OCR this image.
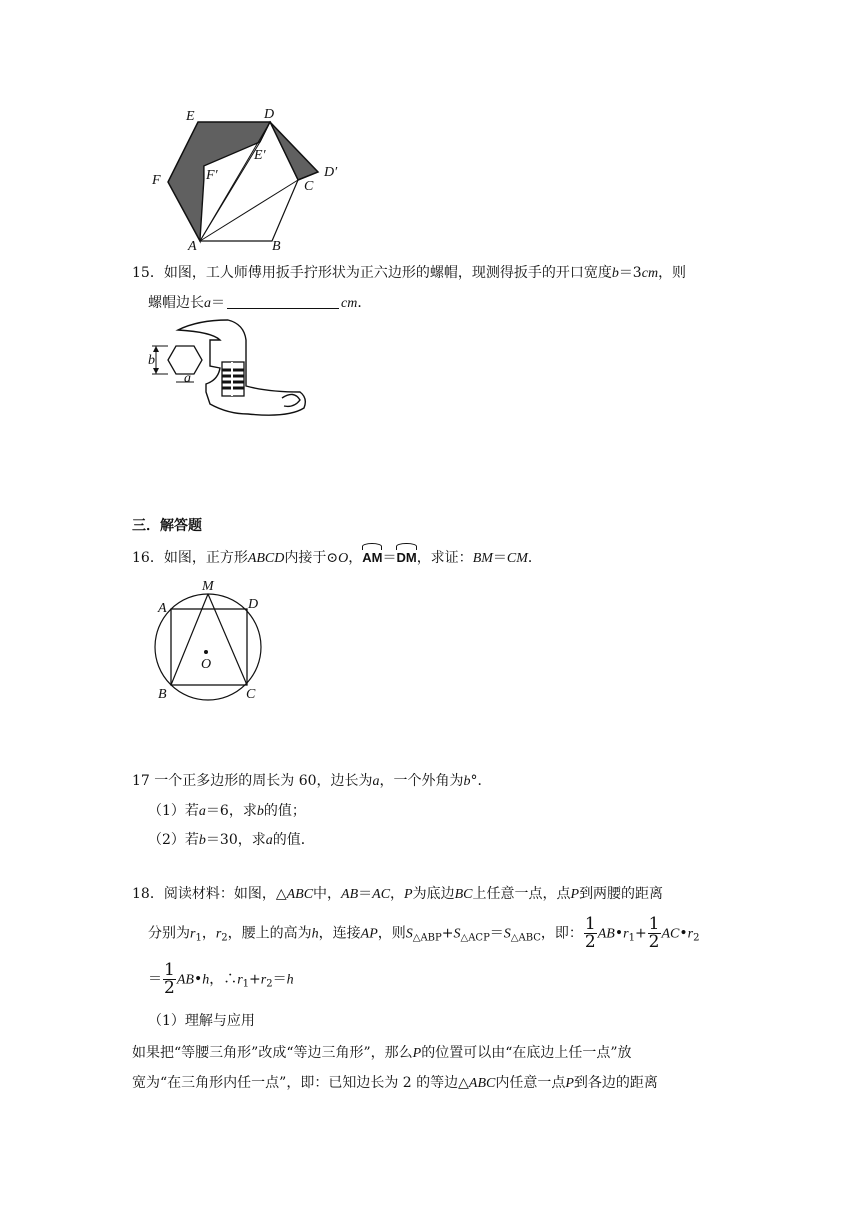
E	D
E′
F	F′
C
D′
A	B
15．如图，工人师傅用扳手拧形状为正六边形的螺帽，现测得扳手的开口宽度b＝3cm，则
螺帽边长a＝	cm．
b
a
三．解答题
16．如图，正方形ABCD内接于⊙O，AM＝DM，求证：BM＝CM．
M
A	D
O
B	C
17 一个正多边形的周长为 60，边长为a，一个外角为b°．
（1）若a＝6，求b的值；
（2）若b＝30，求a的值．
18．阅读材料：如图，△ABC中，AB＝AC，P为底边BC上任意一点，点P到两腰的距离
分别为$r_1$，$r_2$，腰上的高为h，连接AP，则$S_{\triangle ABP}+S_{\triangle ACP}=S_{\triangle ABC}$，即： $\frac{1}{2}$ $AB•r_1+ \frac{1}{2}$ $AC•r_2$
＝ $\frac{1}{2}$ AB•h，$\therefore r_1+r_2=h$
（1）理解与应用
如果把“等腰三角形”改成“等边三角形”，那么P的位置可以由“在底边上任一点”放
宽为“在三角形内任一点”，即：已知边长为 2 的等边△ABC内任意一点P到各边的距离
